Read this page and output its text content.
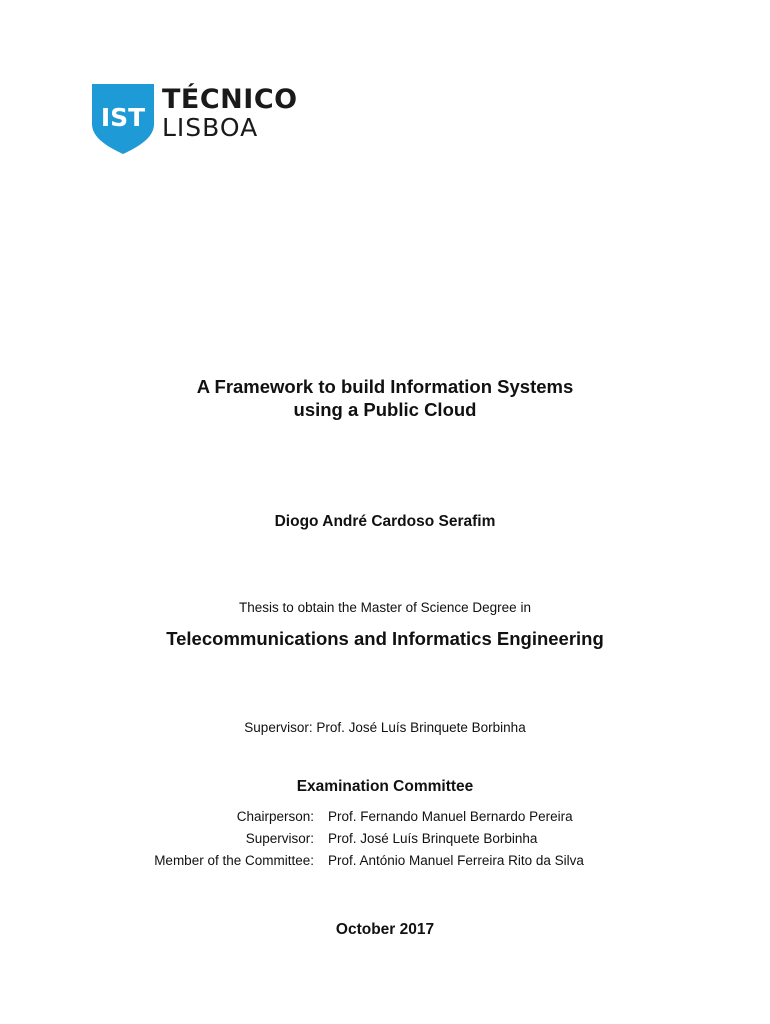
IST
TÉCNICO
LISBOA
A Framework to build Information Systems
using a Public Cloud
Diogo André Cardoso Serafim
Thesis to obtain the Master of Science Degree in
Telecommunications and Informatics Engineering
Supervisor: Prof. José Luís Brinquete Borbinha
Examination Committee
Chairperson: Prof. Fernando Manuel Bernardo Pereira
Supervisor: Prof. José Luís Brinquete Borbinha
Member of the Committee: Prof. António Manuel Ferreira Rito da Silva
October 2017
